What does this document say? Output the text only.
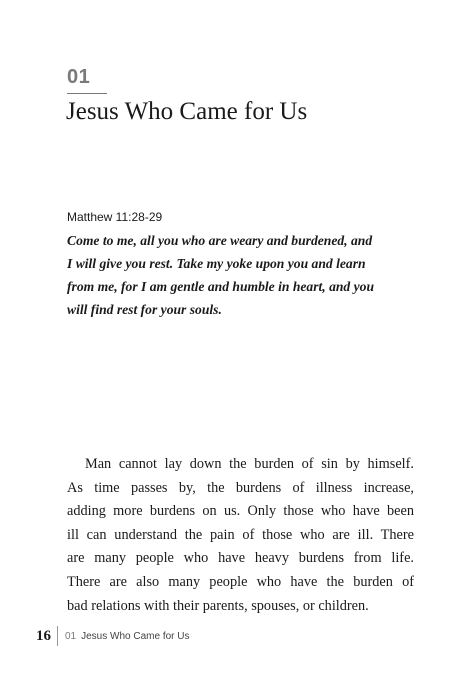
01
Jesus Who Came for Us
Matthew 11:28-29
Come to me, all you who are weary and burdened, and
I will give you rest. Take my yoke upon you and learn
from me, for I am gentle and humble in heart, and you
will find rest for your souls.
Man cannot lay down the burden of sin by himself.
As time passes by, the burdens of illness increase,
adding more burdens on us. Only those who have been
ill can understand the pain of those who are ill. There
are many people who have heavy burdens from life.
There are also many people who have the burden of
bad relations with their parents, spouses, or children.
16 01 Jesus Who Came for Us
